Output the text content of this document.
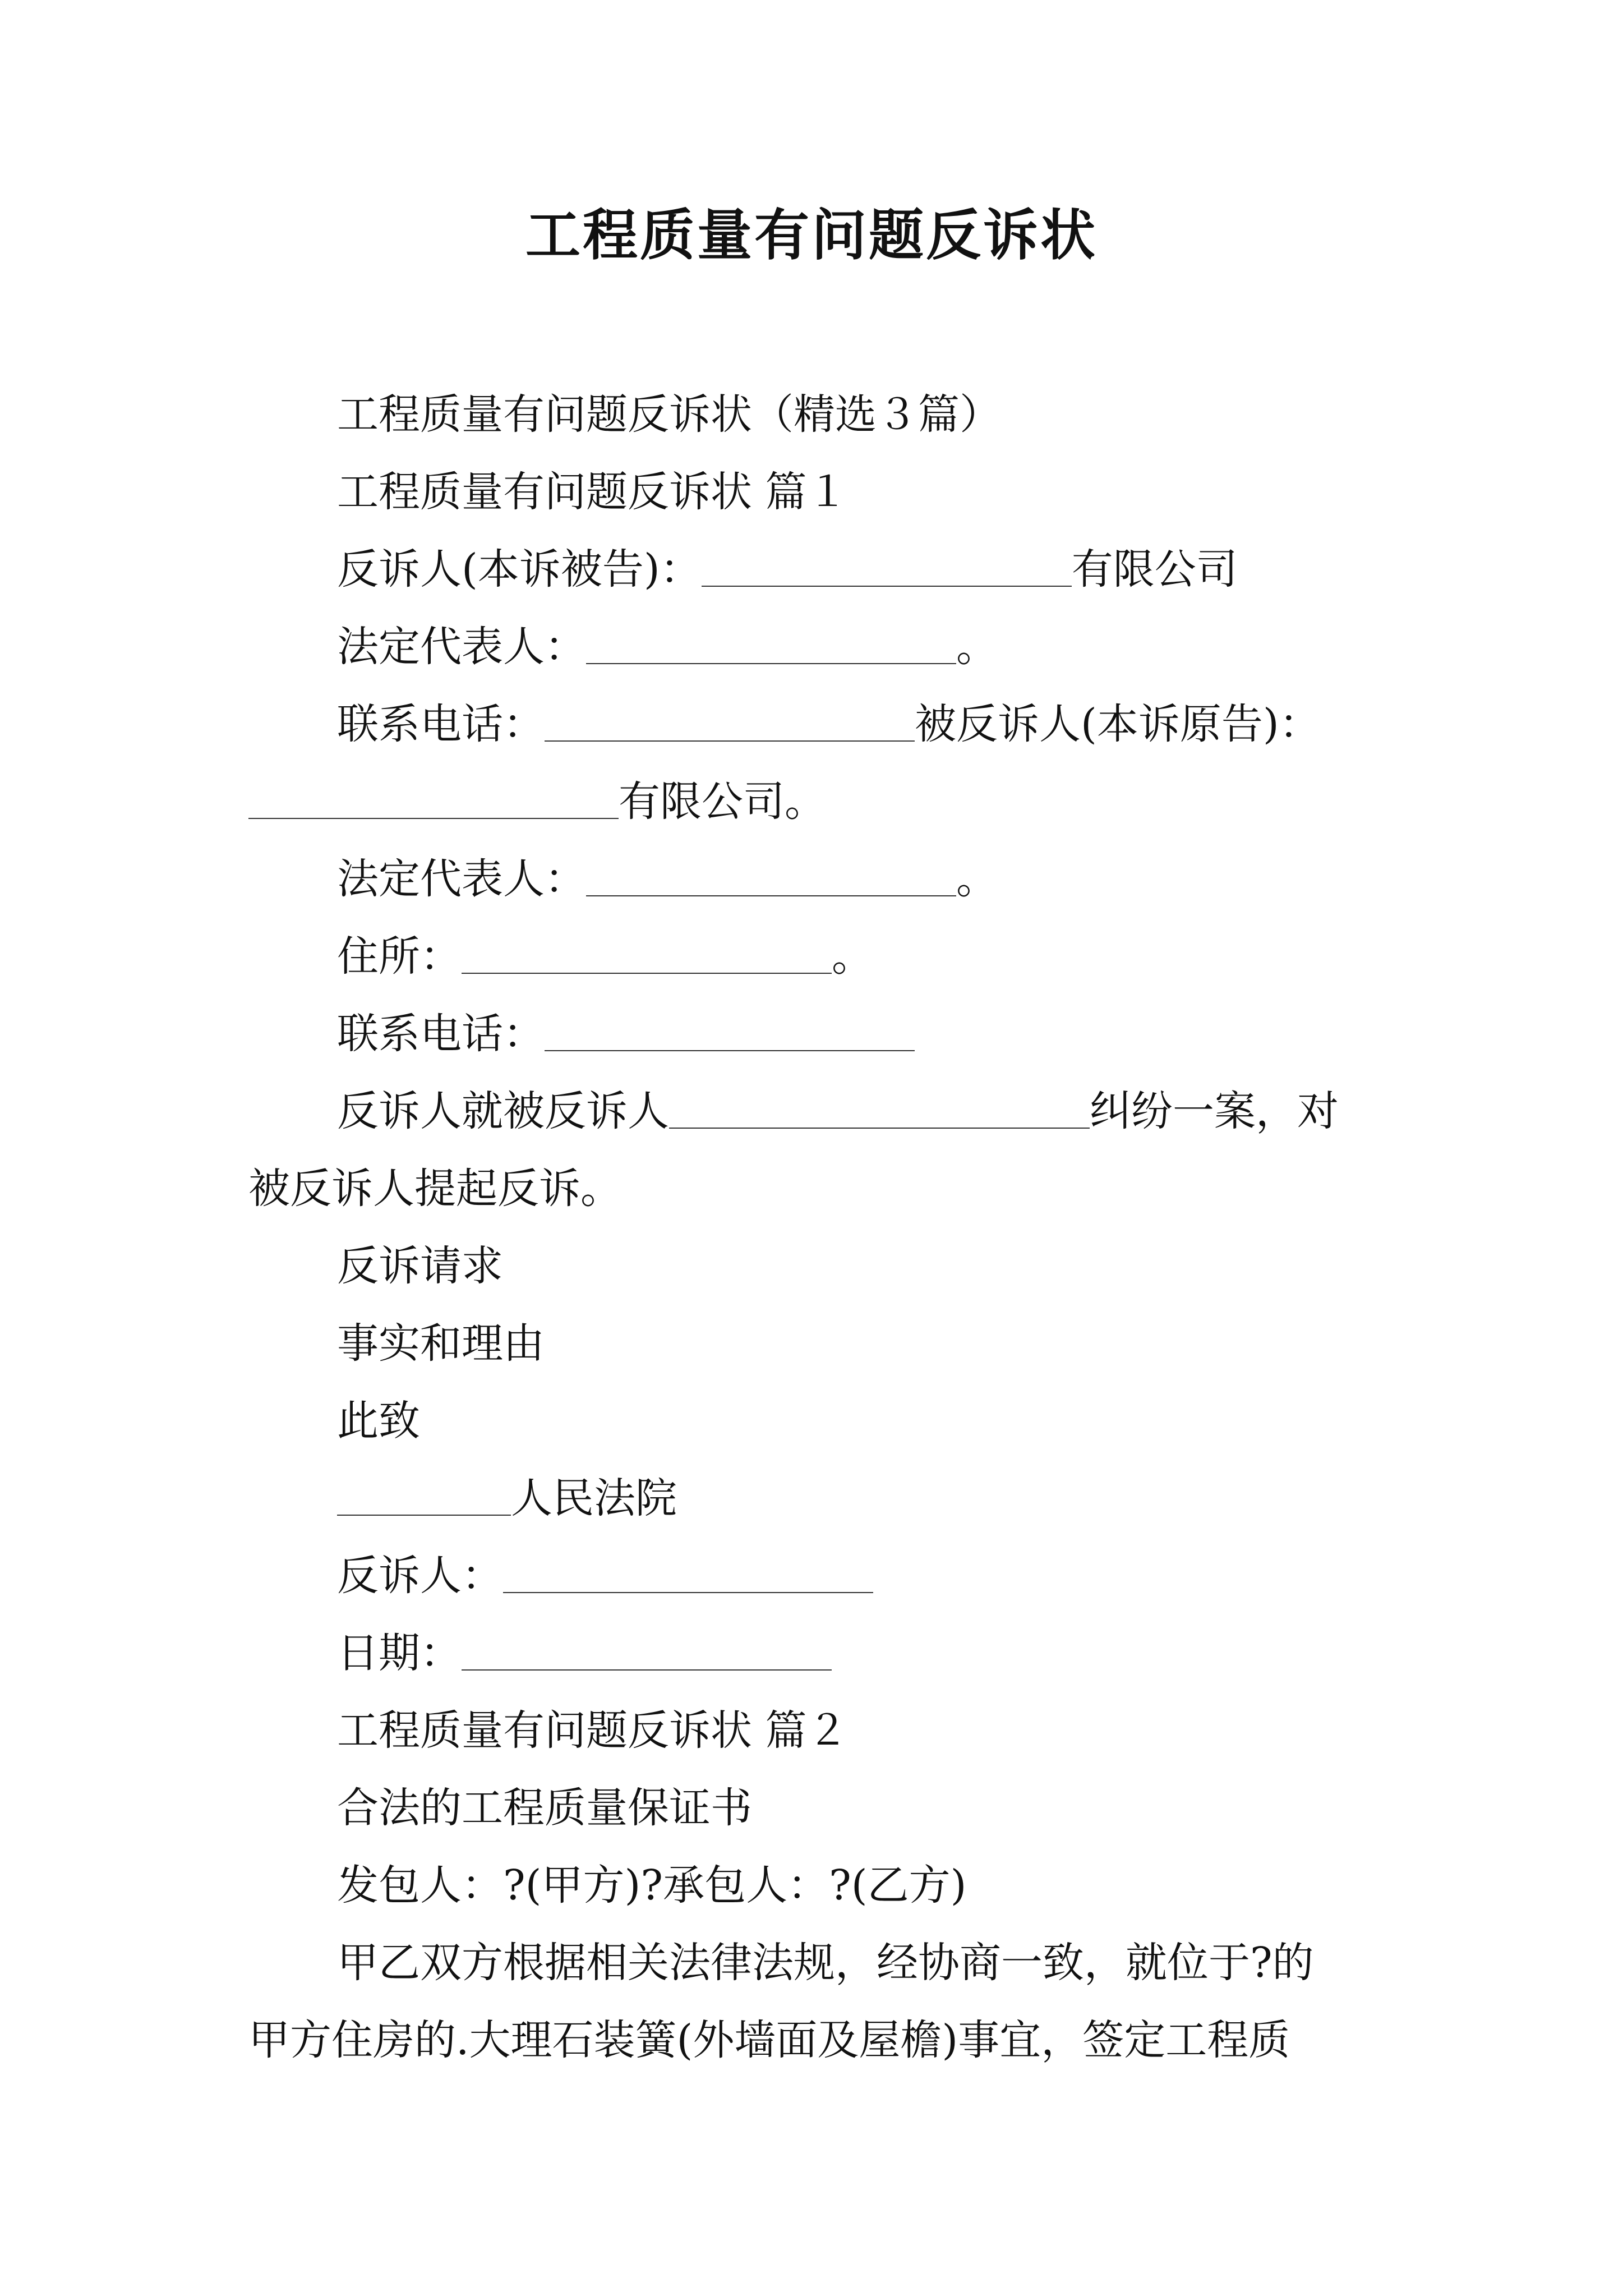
工程质量有问题反诉状
工程质量有问题反诉状（精选３篇）
工程质量有问题反诉状 篇１
反诉人(本诉被告)：	有限公司
法定代表人：	。
联系电话：	被反诉人(本诉原告)：
有限公司。
法定代表人：	。
住所：	。
联系电话：
反诉人就被反诉人	纠纷一案，对
被反诉人提起反诉。
反诉请求
事实和理由
此致
人民法院
反诉人：
日期：
工程质量有问题反诉状 篇２
合法的工程质量保证书
发包人：?(甲方)?承包人：?(乙方)
甲乙双方根据相关法律法规，经协商一致，就位于?的
甲方住房的.大理石装簧(外墙面及屋檐)事宜，签定工程质
